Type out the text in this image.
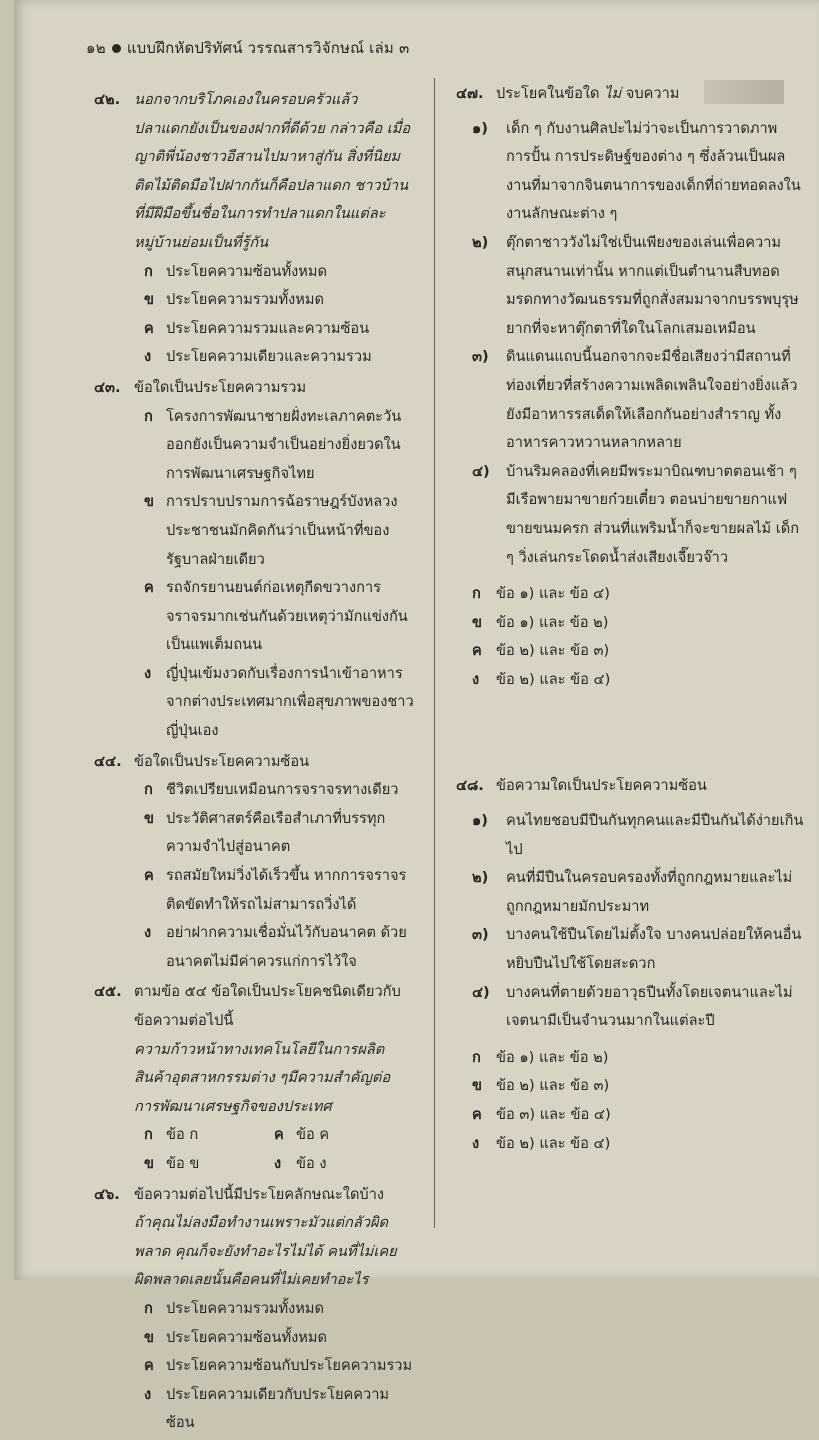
๑๒ แบบฝึกหัดปริทัศน์ วรรณสารวิจักษณ์ เล่ม ๓
๔๒. นอกจากบริโภคเองในครอบครัวแล้ว ปลาแดกยังเป็นของฝากที่ดีด้วย กล่าวคือ เมื่อญาติพี่น้องชาวอีสานไปมาหาสู่กัน สิ่งที่นิยมติดไม้ติดมือไปฝากกันก็คือปลาแดก ชาวบ้านที่มีฝีมือขึ้นชื่อในการทำปลาแดกในแต่ละหมู่บ้านย่อมเป็นที่รู้กัน
ก ประโยคความซ้อนทั้งหมด
ข ประโยคความรวมทั้งหมด
ค ประโยคความรวมและความซ้อน
ง	ประโยคความเดียวและความรวม
๔๓. ข้อใดเป็นประโยคความรวม
ก โครงการพัฒนาชายฝั่งทะเลภาคตะวันออกยังเป็นความจำเป็นอย่างยิ่งยวดในการพัฒนาเศรษฐกิจไทย
ข การปราบปรามการฉ้อราษฎร์บังหลวงประชาชนมักคิดกันว่าเป็นหน้าที่ของรัฐบาลฝ่ายเดียว
ค รถจักรยานยนต์ก่อเหตุกีดขวางการจราจรมากเช่นกันด้วยเหตุว่ามักแข่งกันเป็นแพเต็มถนน
ง	ญี่ปุ่นเข้มงวดกับเรื่องการนำเข้าอาหารจากต่างประเทศมากเพื่อสุขภาพของชาวญี่ปุ่นเอง
๔๔. ข้อใดเป็นประโยคความซ้อน
ก ชีวิตเปรียบเหมือนการจราจรทางเดียว
ข ประวัติศาสตร์คือเรือสำเภาที่บรรทุกความจำไปสู่อนาคต
ค รถสมัยใหม่วิ่งได้เร็วขึ้น หากการจราจรติดขัดทำให้รถไม่สามารถวิ่งได้
ง	อย่าฝากความเชื่อมั่นไว้กับอนาคต ด้วยอนาคตไม่มีค่าควรแก่การไว้ใจ
๔๕. ตามข้อ ๕๔ ข้อใดเป็นประโยคชนิดเดียวกับข้อความต่อไปนี้
ความก้าวหน้าทางเทคโนโลยีในการผลิตสินค้าอุตสาหกรรมต่าง ๆมีความสำคัญต่อการพัฒนาเศรษฐกิจของประเทศ
ก ข้อ ก	ค ข้อ ค
ข ข้อ ข	ง	ข้อ ง
๔๖. ข้อความต่อไปนี้มีประโยคลักษณะใดบ้าง
ถ้าคุณไม่ลงมือทำงานเพราะมัวแต่กลัวผิดพลาด คุณก็จะยังทำอะไรไม่ได้ คนที่ไม่เคยผิดพลาดเลยนั้นคือคนที่ไม่เคยทำอะไร
ก ประโยคความรวมทั้งหมด
ข ประโยคความซ้อนทั้งหมด
ค ประโยคความซ้อนกับประโยคความรวม
ง	ประโยคความเดียวกับประโยคความซ้อน
๔๗. ประโยคในข้อใด ไม่ จบความ
๑)	เด็ก ๆ กับงานศิลปะไม่ว่าจะเป็นการวาดภาพ การปั้น การประดิษฐ์ของต่าง ๆ ซึ่งล้วนเป็นผลงานที่มาจากจินตนาการของเด็กที่ถ่ายทอดลงในงานลักษณะต่าง ๆ
๒)	ตุ๊กตาชาววังไม่ใช่เป็นเพียงของเล่นเพื่อความสนุกสนานเท่านั้น หากแต่เป็นตำนานสืบทอดมรดกทางวัฒนธรรมที่ถูกสั่งสมมาจากบรรพบุรุษยากที่จะหาตุ๊กตาที่ใดในโลกเสมอเหมือน
๓)	ดินแดนแถบนี้นอกจากจะมีชื่อเสียงว่ามีสถานที่ท่องเที่ยวที่สร้างความเพลิดเพลินใจอย่างยิ่งแล้วยังมีอาหารรสเด็ดให้เลือกกันอย่างสำราญ ทั้งอาหารคาวหวานหลากหลาย
๔)	บ้านริมคลองที่เคยมีพระมาบิณฑบาตตอนเช้า ๆ มีเรือพายมาขายก๋วยเตี๋ยว ตอนบ่ายขายกาแฟ ขายขนมครก ส่วนที่แพริมน้ำก็จะขายผลไม้ เด็ก ๆ วิ่งเล่นกระโดดน้ำส่งเสียงเจี๊ยวจ๊าว
ก	ข้อ ๑) และ ข้อ ๔)
ข ข้อ ๑) และ ข้อ ๒)
ค ข้อ ๒) และ ข้อ ๓)
ง	ข้อ ๒) และ ข้อ ๔)
๔๘. ข้อความใดเป็นประโยคความซ้อน
๑)	คนไทยชอบมีปืนกันทุกคนและมีปืนกันได้ง่ายเกินไป
๒)	คนที่มีปืนในครอบครองทั้งที่ถูกกฎหมายและไม่ถูกกฎหมายมักประมาท
๓)	บางคนใช้ปืนโดยไม่ตั้งใจ บางคนปล่อยให้คนอื่นหยิบปืนไปใช้โดยสะดวก
๔)	บางคนที่ตายด้วยอาวุธปืนทั้งโดยเจตนาและไม่เจตนามีเป็นจำนวนมากในแต่ละปี
ก	ข้อ ๑) และ ข้อ ๒)
ข ข้อ ๒) และ ข้อ ๓)
ค ข้อ ๓) และ ข้อ ๔)
ง	ข้อ ๒) และ ข้อ ๔)
